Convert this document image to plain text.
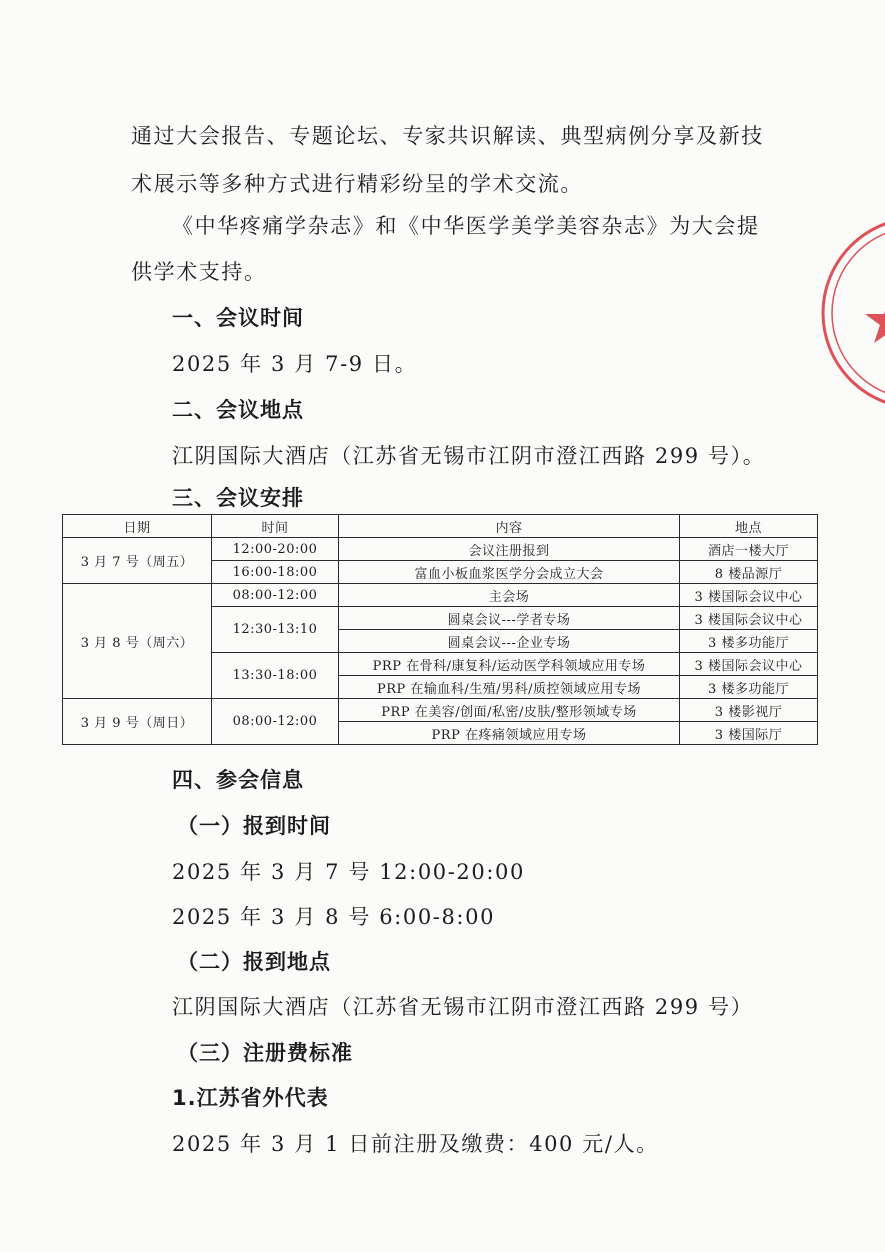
通过大会报告、专题论坛、专家共识解读、典型病例分享及新技
术展示等多种方式进行精彩纷呈的学术交流。
《中华疼痛学杂志》和《中华医学美学美容杂志》为大会提
供学术支持。
一、会议时间
2025 年 3 月 7-9 日。
二、会议地点
江阴国际大酒店（江苏省无锡市江阴市澄江西路 299 号）。
三、会议安排
日期	时间	内容	地点
3 月 7 号（周五）	12:00-20:00	会议注册报到	酒店一楼大厅
	16:00-18:00	富血小板血浆医学分会成立大会	8 楼品源厅
3 月 8 号（周六）	08:00-12:00	主会场	3 楼国际会议中心
	12:30-13:10	圆桌会议---学者专场	3 楼国际会议中心
		圆桌会议---企业专场	3 楼多功能厅
	13:30-18:00	PRP 在骨科/康复科/运动医学科领域应用专场	3 楼国际会议中心
		PRP 在输血科/生殖/男科/质控领域应用专场	3 楼多功能厅
3 月 9 号（周日）	08:00-12:00	PRP 在美容/创面/私密/皮肤/整形领域专场	3 楼影视厅
		PRP 在疼痛领域应用专场	3 楼国际厅
四、参会信息
（一）报到时间
2025 年 3 月 7 号 12:00-20:00
2025 年 3 月 8 号 6:00-8:00
（二）报到地点
江阴国际大酒店（江苏省无锡市江阴市澄江西路 299 号）
（三）注册费标准
1.江苏省外代表
2025 年 3 月 1 日前注册及缴费：400 元/人。
